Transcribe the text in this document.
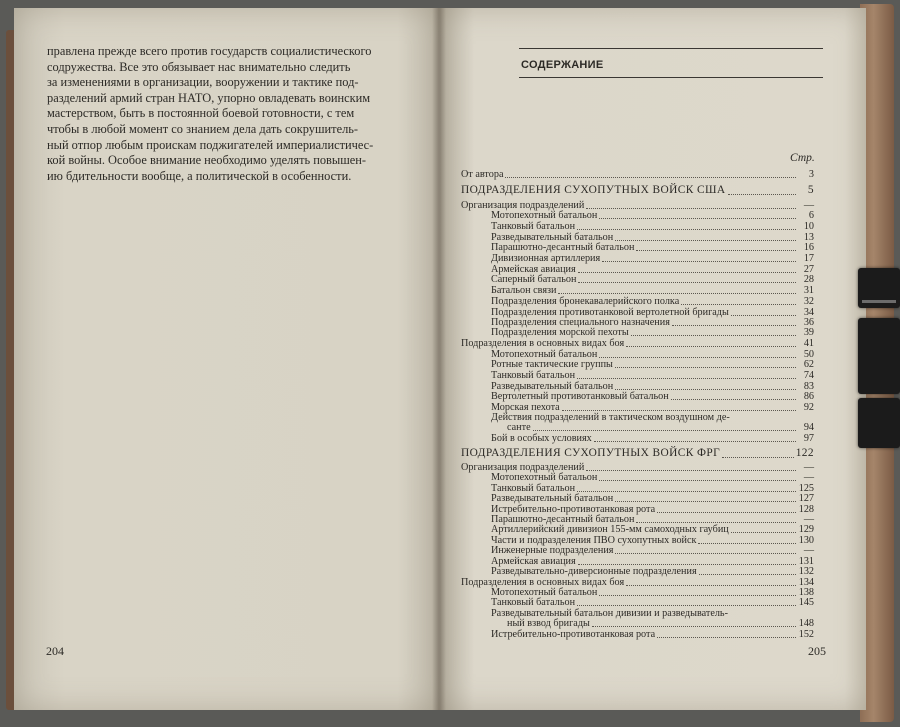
правлена прежде всего против государств социалистического
содружества. Все это обязывает нас внимательно следить
за изменениями в организации, вооружении и тактике под-
разделений армий стран НАТО, упорно овладевать воинским
мастерством, быть в постоянной боевой готовности, с тем
чтобы в любой момент со знанием дела дать сокрушитель-
ный отпор любым проискам поджигателей империалистичес-
кой войны. Особое внимание необходимо уделять повышен-
ию бдительности вообще, а политической в особенности.
204
СОДЕРЖАНИЕ
Стр.
От автора	3
ПОДРАЗДЕЛЕНИЯ СУХОПУТНЫХ ВОЙСК США	5
Организация подразделений	—
Мотопехотный батальон	6
Танковый батальон	10
Разведывательный батальон	13
Парашютно-десантный батальон	16
Дивизионная артиллерия	17
Армейская авиация	27
Саперный батальон	28
Батальон связи	31
Подразделения бронекавалерийского полка	32
Подразделения противотанковой вертолетной бригады	34
Подразделения специального назначения	36
Подразделения морской пехоты	39
Подразделения в основных видах боя	41
Мотопехотный батальон	50
Ротные тактические группы	62
Танковый батальон	74
Разведывательный батальон	83
Вертолетный противотанковый батальон	86
Морская пехота	92
Действия подразделений в тактическом воздушном де-
санте	94
Бой в особых условиях	97
ПОДРАЗДЕЛЕНИЯ СУХОПУТНЫХ ВОЙСК ФРГ	122
Организация подразделений	—
Мотопехотный батальон	—
Танковый батальон	125
Разведывательный батальон	127
Истребительно-противотанковая рота	128
Парашютно-десантный батальон	—
Артиллерийский дивизион 155-мм самоходных гаубиц	129
Части и подразделения ПВО сухопутных войск	130
Инженерные подразделения	—
Армейская авиация	131
Разведывательно-диверсионные подразделения	132
Подразделения в основных видах боя	134
Мотопехотный батальон	138
Танковый батальон	145
Разведывательный батальон дивизии и разведыватель-
ный взвод бригады	148
Истребительно-противотанковая рота	152
205
